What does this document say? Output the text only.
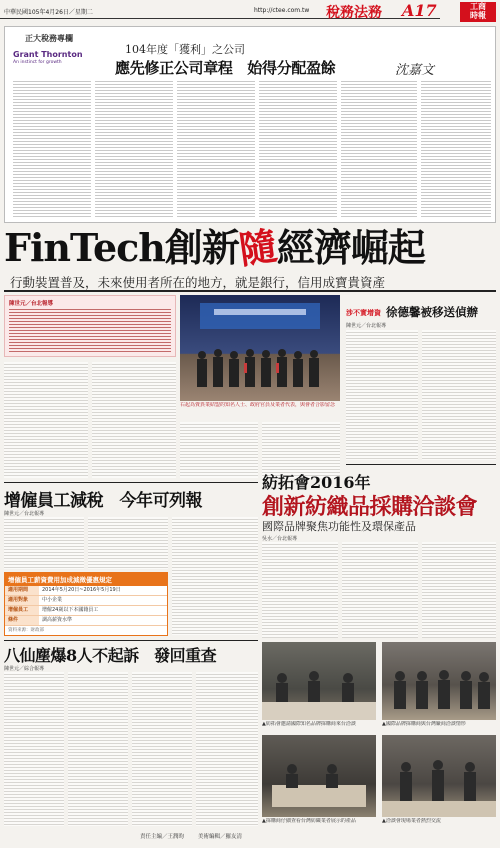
中華民國105年4月26日／星期二	http://ctee.com.tw 稅務法務 A17	工商時報
正大稅務專欄
Grant Thornton
An instinct for growth
104年度「獲利」之公司
應先修正公司章程　始得分配盈餘	沈嘉文
FinTech創新隨經濟崛起
行動裝置普及，未來使用者所在的地方，就是銀行，信用成寶貴資產
陳世元／台北報導
右起為資異業結盟的知名人士、政府官員及業者代表，與會者合影留念
涉不實增資 徐德馨被移送偵辦
陳世元／台北報導
紡拓會2016年
創新紡織品採購洽談會
國際品牌聚焦功能性及環保產品
吳水／台北報導
▲紡拓會邀請國際知名品牌採購商來台洽談	▲國際品牌採購商與台灣廠商洽談情形
▲採購商仔細查看台灣紡織業者展示的產品	▲洽談會現場業者熱烈交流
增僱員工減稅　今年可列報
陳世元／台北報導
增僱員工薪資費用加成減徵優惠規定
適用期間	2014年5月20日~2016年5月19日
適用對象	中小企業
增僱員工	增僱24歲以下本國籍員工
條件	調高薪資水準
資料來源：財政部
八仙塵爆8人不起訴　發回重查
陳世元／綜合報導
責任主編／王潤昀	美術編輯／羅友清
